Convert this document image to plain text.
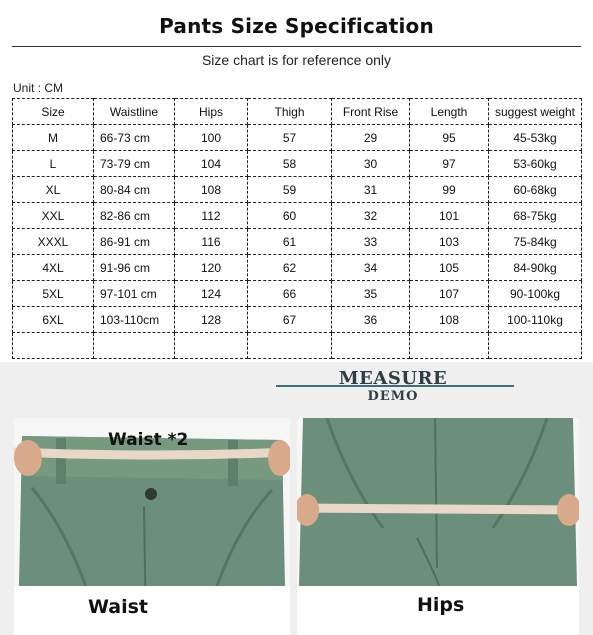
Pants Size Specification
Size chart is for reference only
Unit : CM
Size	Waistline	Hips	Thigh	Front Rise	Length	suggest weight
M	66-73 cm	100	57	29	95	45-53kg
L	73-79 cm	104	58	30	97	53-60kg
XL	80-84 cm	108	59	31	99	60-68kg
XXL	82-86 cm	112	60	32	101	68-75kg
XXXL	86-91 cm	116	61	33	103	75-84kg
4XL	91-96 cm	120	62	34	105	84-90kg
5XL	97-101 cm	124	66	35	107	90-100kg
6XL	103-110cm	128	67	36	108	100-110kg

MEASURE
DEMO
Waist *2
Waist	Hips
